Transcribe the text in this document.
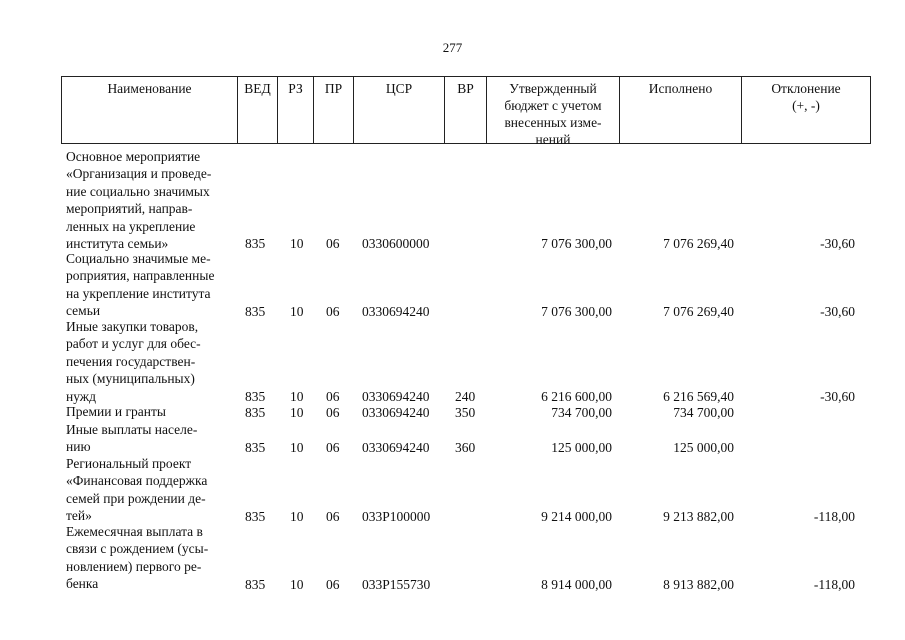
277
Наименование	ВЕД	РЗ	ПР	ЦСР	ВР	Утвержденный
бюджет с учетом
внесенных изме-
нений
Исполнено	Отклонение
(+, -)
Основное мероприятие
«Организация и проведе-
ние социально значимых
мероприятий, направ-
ленных на укрепление
института семьи»	835 10 06 0330600000	7 076 300,00	7 076 269,40	-30,60
Социально значимые ме-
роприятия, направленные
на укрепление института
семьи	835 10 06 0330694240	7 076 300,00	7 076 269,40	-30,60
Иные закупки товаров,
работ и услуг для обес-
печения государствен-
ных (муниципальных)
нужд	835 10 06 0330694240 240	6 216 600,00	6 216 569,40	-30,60
Премии и гранты	835 10 06 0330694240 350	734 700,00	734 700,00
Иные выплаты населе-
нию	835 10 06 0330694240 360	125 000,00	125 000,00
Региональный проект
«Финансовая поддержка
семей при рождении де-
тей»	835 10 06 033P100000	9 214 000,00	9 213 882,00	-118,00
Ежемесячная выплата в
связи с рождением (усы-
новлением) первого ре-
бенка	835 10 06 033P155730	8 914 000,00	8 913 882,00	-118,00
